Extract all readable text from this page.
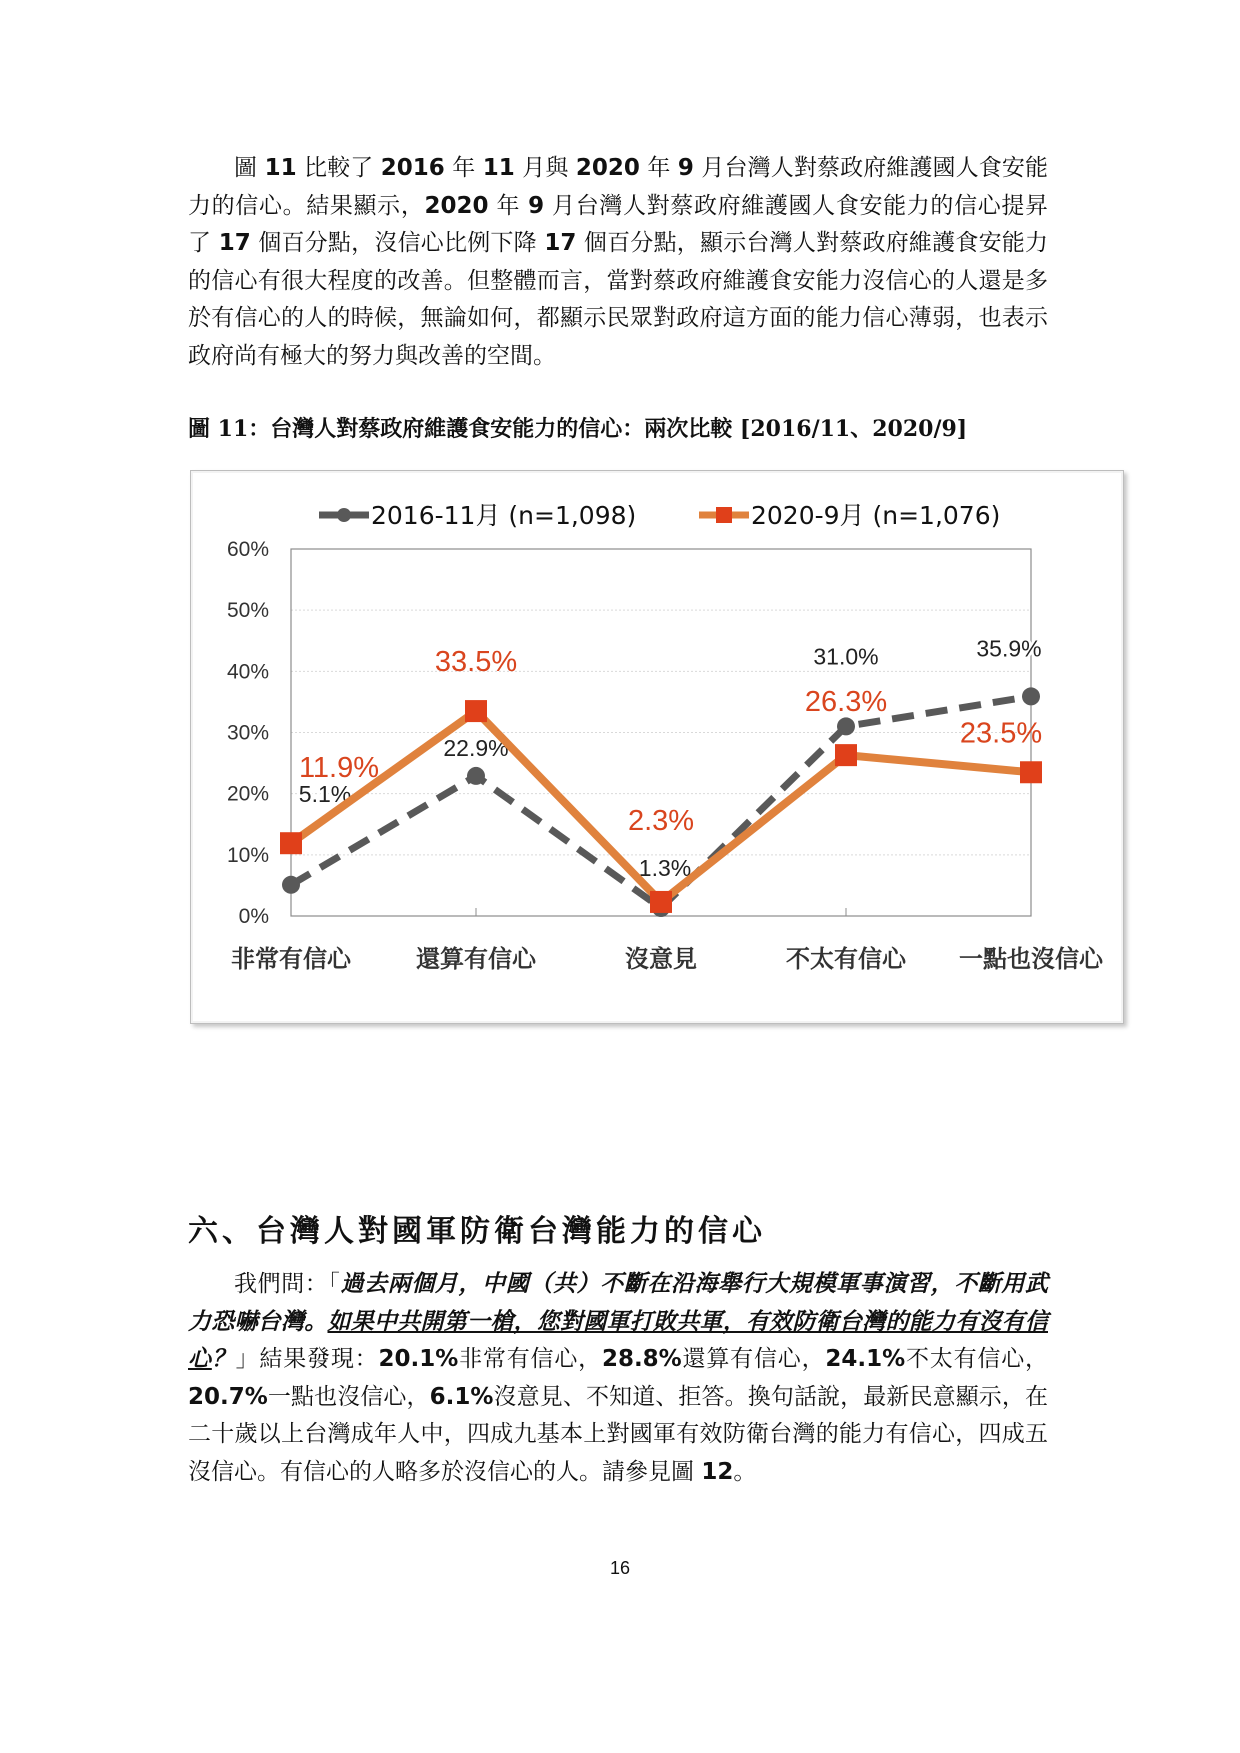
圖 11 比較了 2016 年 11 月與 2020 年 9 月台灣人對蔡政府維護國人食安能力的信心。結果顯示，2020 年 9 月台灣人對蔡政府維護國人食安能力的信心提昇了 17 個百分點，沒信心比例下降 17 個百分點，顯示台灣人對蔡政府維護食安能力的信心有很大程度的改善。但整體而言，當對蔡政府維護食安能力沒信心的人還是多於有信心的人的時候，無論如何，都顯示民眾對政府這方面的能力信心薄弱，也表示政府尚有極大的努力與改善的空間。

圖 11：台灣人對蔡政府維護食安能力的信心：兩次比較 [2016/11、2020/9]

0%
10%
20%
30%
40%
50%
60%
非常有信心	還算有信心	沒意見	不太有信心 一點也沒信心
5.1%
22.9%
1.3%
31.0%	35.9%
11.9%
33.5%
2.3%
26.3%
23.5%
2016-11月 (n=1,098)	2020-9月 (n=1,076)
六、台灣人對國軍防衛台灣能力的信心

我們問：「過去兩個月，中國（共）不斷在沿海舉行大規模軍事演習，不斷用武力恐嚇台灣。如果中共開第一槍，您對國軍打敗共軍，有效防衛台灣的能力有沒有信心？」結果發現：20.1%非常有信心，28.8%還算有信心，24.1%不太有信心，20.7%一點也沒信心，6.1%沒意見、不知道、拒答。換句話說，最新民意顯示，在二十歲以上台灣成年人中，四成九基本上對國軍有效防衛台灣的能力有信心，四成五沒信心。有信心的人略多於沒信心的人。請參見圖 12。

16
